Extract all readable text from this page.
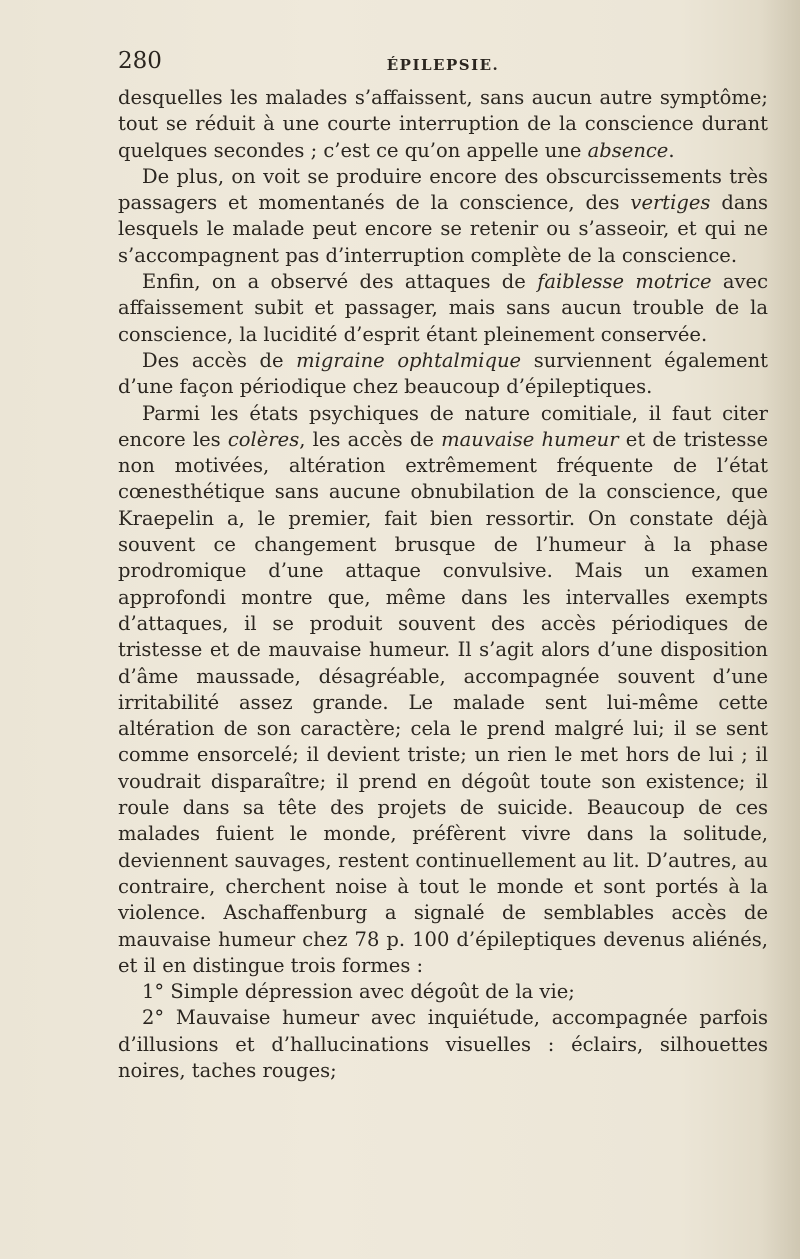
280	ÉPILEPSIE.

desquelles les malades s’affaissent, sans aucun autre symptôme; tout se réduit à une courte interruption de la conscience durant quelques secondes ; c’est ce qu’on appelle une absence.

De plus, on voit se produire encore des obscurcissements très passagers et momentanés de la conscience, des vertiges dans lesquels le malade peut encore se retenir ou s’asseoir, et qui ne s’accompagnent pas d’interruption complète de la conscience.

Enfin, on a observé des attaques de faiblesse motrice avec affaissement subit et passager, mais sans aucun trouble de la conscience, la lucidité d’esprit étant pleinement conservée.

Des accès de migraine ophtalmique surviennent également d’une façon périodique chez beaucoup d’épileptiques.

Parmi les états psychiques de nature comitiale, il faut citer encore les colères, les accès de mauvaise humeur et de tristesse non motivées, altération extrêmement fréquente de l’état cœnesthétique sans aucune obnubilation de la conscience, que Kraepelin a, le premier, fait bien ressortir. On constate déjà souvent ce changement brusque de l’humeur à la phase prodromique d’une attaque convulsive. Mais un examen approfondi montre que, même dans les intervalles exempts d’attaques, il se produit souvent des accès périodiques de tristesse et de mauvaise humeur. Il s’agit alors d’une disposition d’âme maussade, désagréable, accompagnée souvent d’une irritabilité assez grande. Le malade sent lui-même cette altération de son caractère; cela le prend malgré lui; il se sent comme ensorcelé; il devient triste; un rien le met hors de lui ; il voudrait disparaître; il prend en dégoût toute son existence; il roule dans sa tête des projets de suicide. Beaucoup de ces malades fuient le monde, préfèrent vivre dans la solitude, deviennent sauvages, restent continuellement au lit. D’autres, au contraire, cherchent noise à tout le monde et sont portés à la violence. Aschaffenburg a signalé de semblables accès de mauvaise humeur chez 78 p. 100 d’épileptiques devenus aliénés, et il en distingue trois formes :

1° Simple dépression avec dégoût de la vie;

2° Mauvaise humeur avec inquiétude, accompagnée parfois d’illusions et d’hallucinations visuelles : éclairs, silhouettes noires, taches rouges;
